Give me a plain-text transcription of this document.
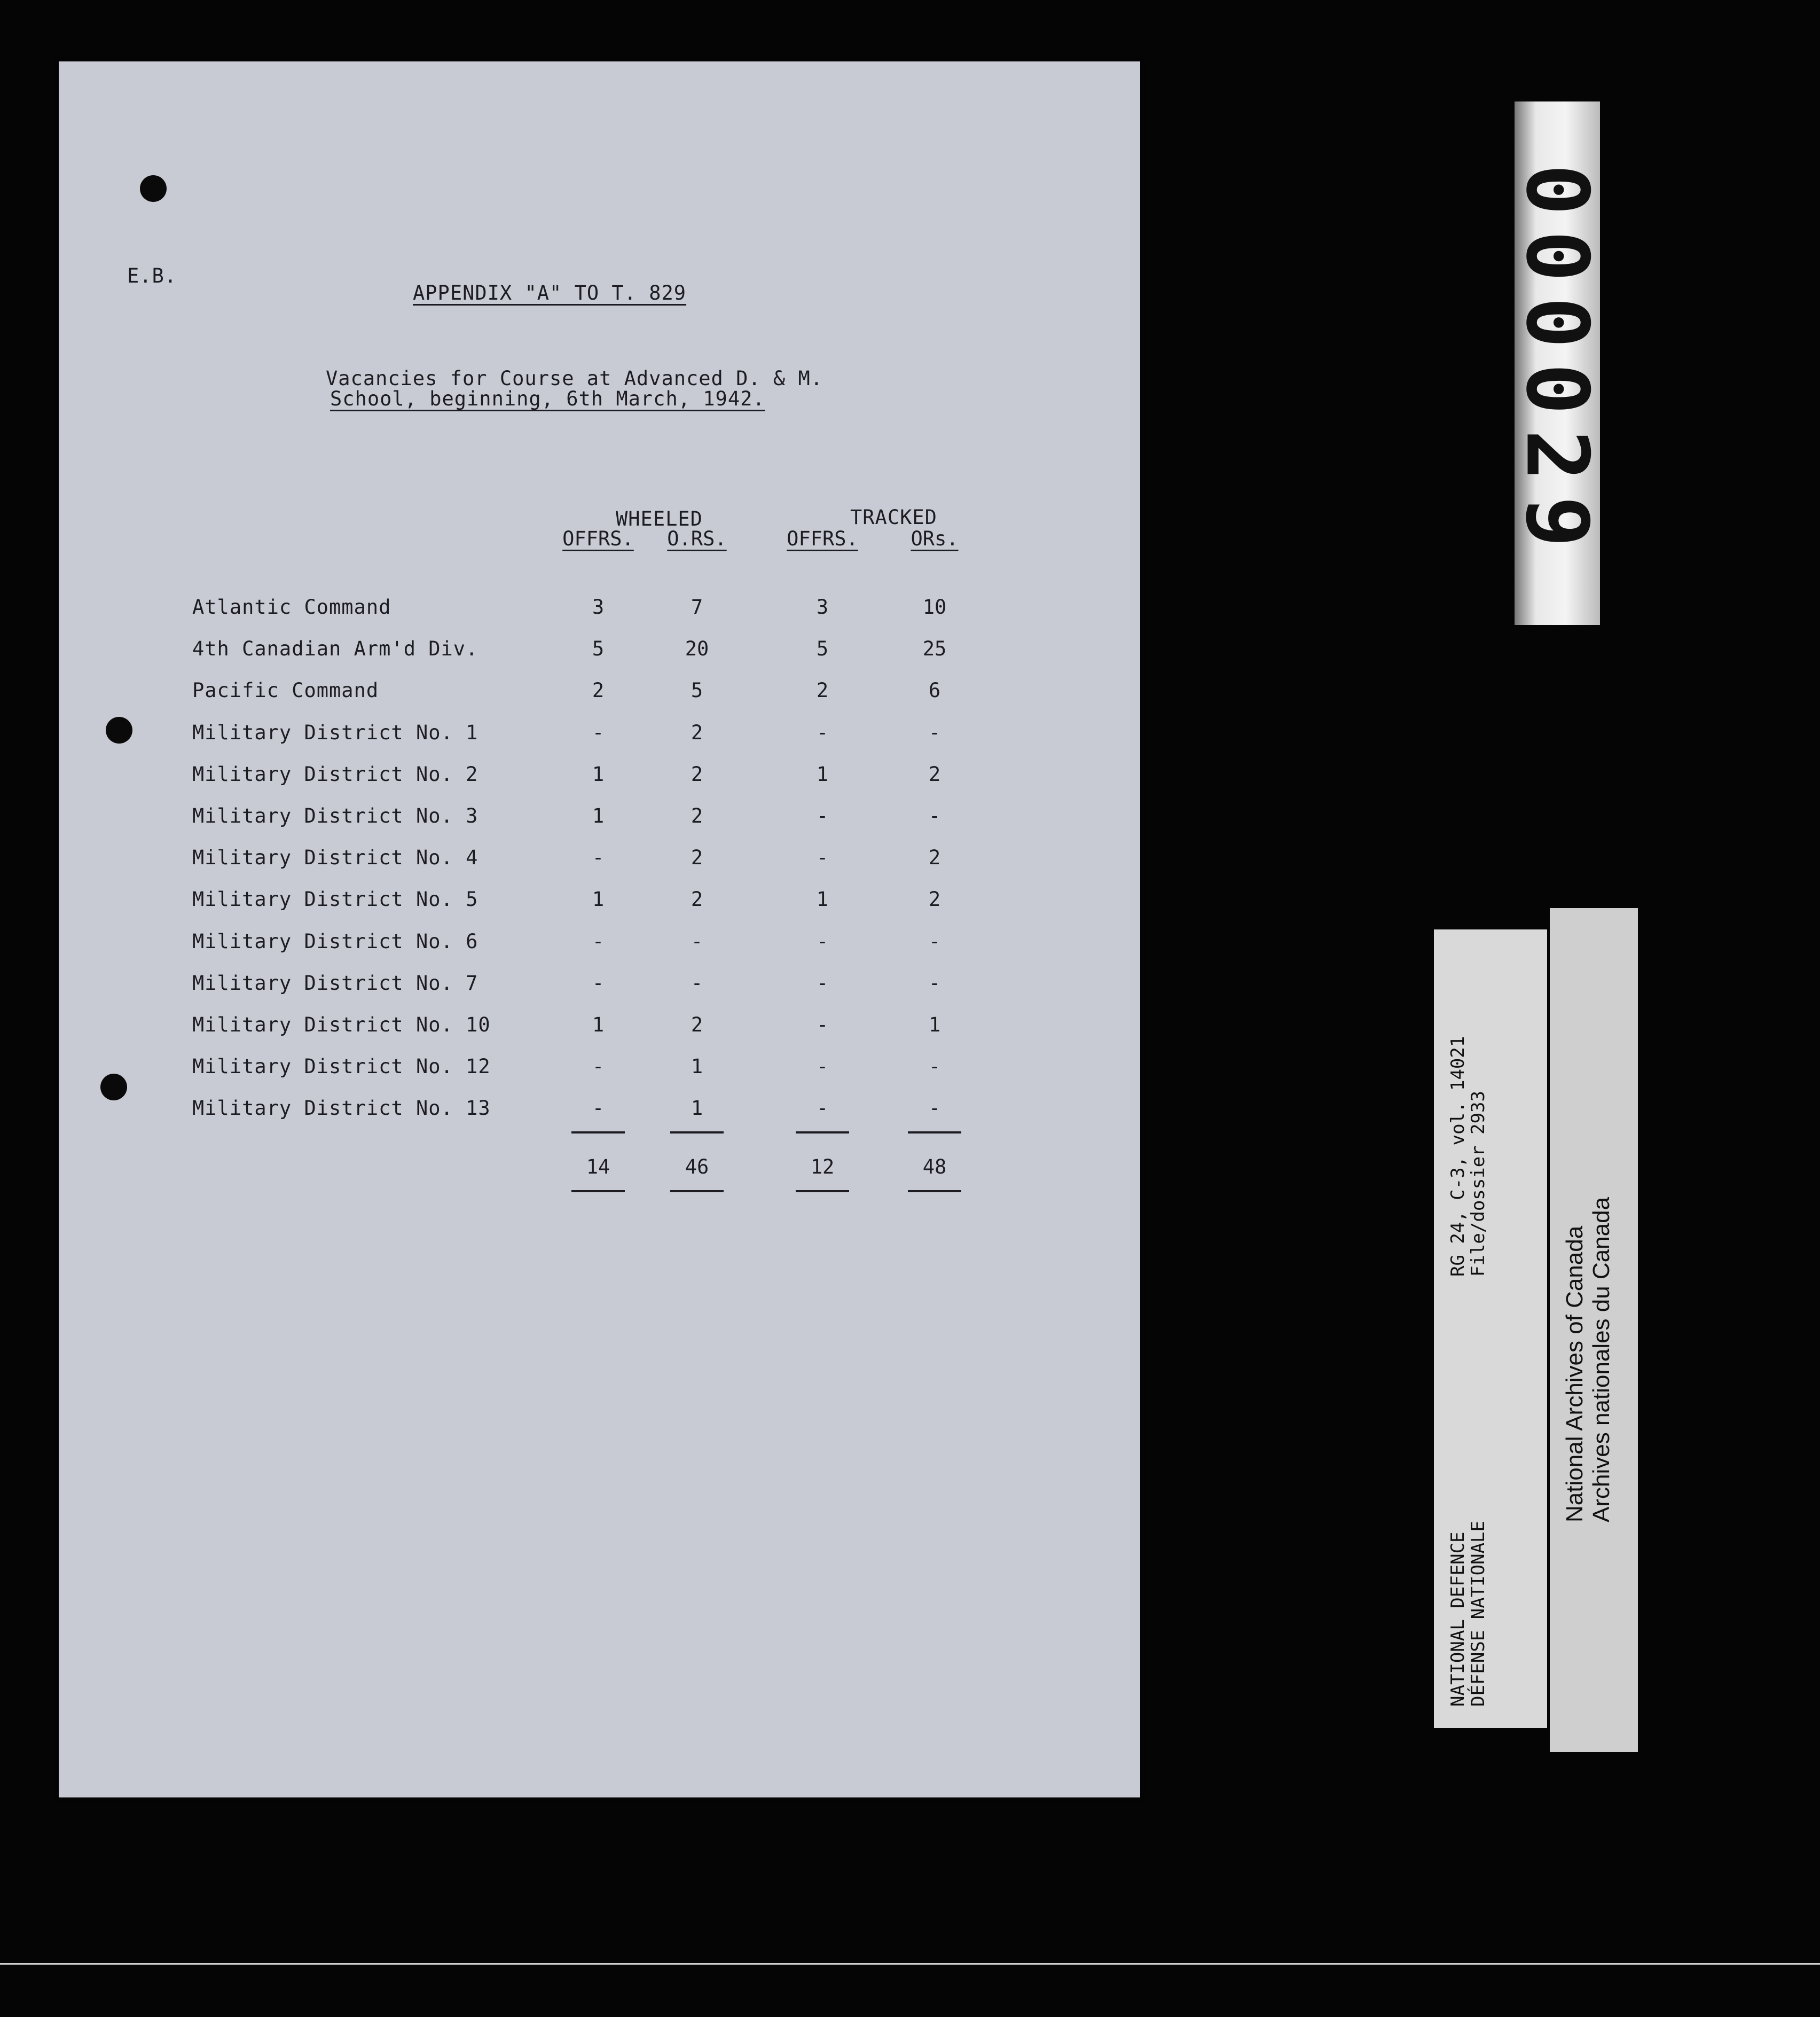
E.B.
APPENDIX "A" TO T. 829
Vacancies for Course at Advanced D. & M.
School, beginning, 6th March, 1942.
WHEELED	TRACKED
OFFRS.	O.RS.	OFFRS.	ORs.
Atlantic Command	3	7	3	10
4th Canadian Arm'd Div.	5	20	5	25
Pacific Command	2	5	2	6
Military District No. 1	-	2	-	-
Military District No. 2	1	2	1	2
Military District No. 3	1	2	-	-
Military District No. 4	-	2	-	2
Military District No. 5	1	2	1	2
Military District No. 6	-	-	-	-
Military District No. 7	-	-	-	-
Military District No. 10	1	2	-	1
Military District No. 12	-	1	-	-
Military District No. 13	-	1	-	-
14	46	12	48
000029
RG 24, C-3, vol. 14021
File/dossier 2933
NATIONAL DEFENCE
DÉFENSE NATIONALE
National Archives of Canada Archives nationales du Canada
